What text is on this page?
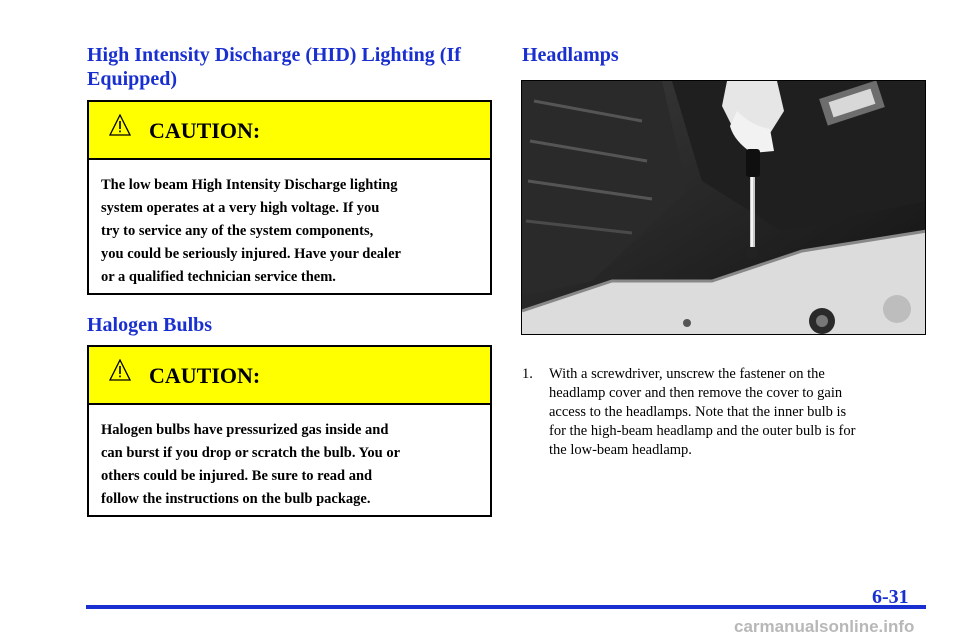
High Intensity Discharge (HID) Lighting (If Equipped)
CAUTION:
The low beam High Intensity Discharge lighting
system operates at a very high voltage. If you
try to service any of the system components,
you could be seriously injured. Have your dealer
or a qualified technician service them.
Halogen Bulbs
CAUTION:
Halogen bulbs have pressurized gas inside and
can burst if you drop or scratch the bulb. You or
others could be injured. Be sure to read and
follow the instructions on the bulb package.
Headlamps
1.	With a screwdriver, unscrew the fastener on the
headlamp cover and then remove the cover to gain
access to the headlamps. Note that the inner bulb is
for the high-beam headlamp and the outer bulb is for
the low-beam headlamp.
6-31
carmanualsonline.info
